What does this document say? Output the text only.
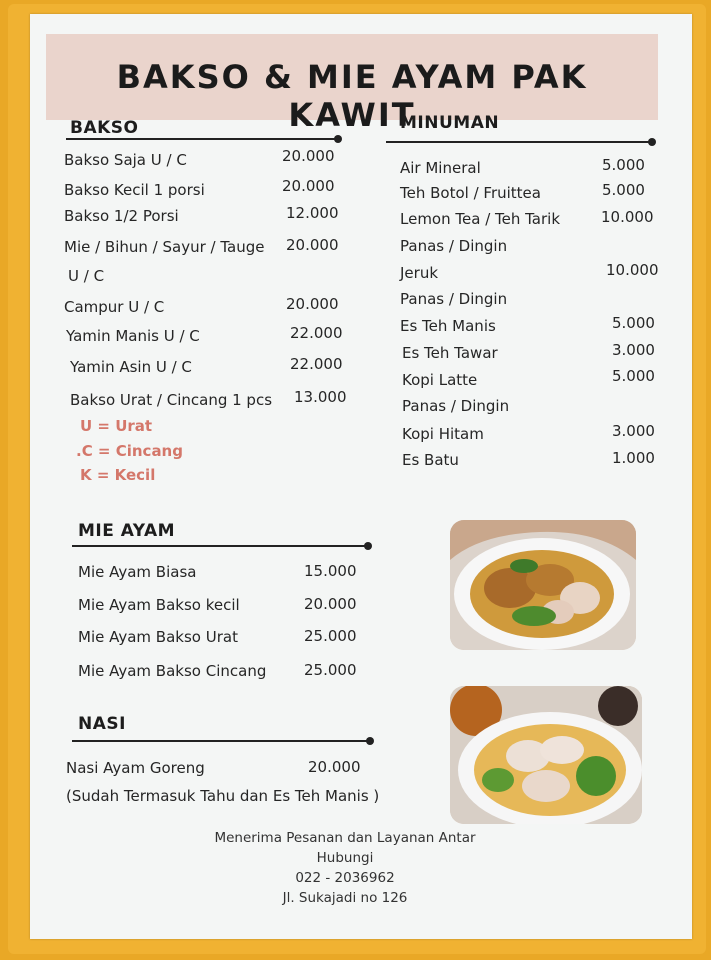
BAKSO & MIE AYAM PAK KAWIT
BAKSO
Bakso Saja U / C	20.000
Bakso Kecil 1 porsi	20.000
Bakso 1/2 Porsi	12.000
Mie / Bihun / Sayur / Tauge 20.000
U / C
Campur U / C	20.000
Yamin Manis U / C	22.000
Yamin Asin U / C	22.000
Bakso Urat / Cincang 1 pcs 13.000
U = Urat
.C = Cincang
K = Kecil
MINUMAN
Air Mineral	5.000
Teh Botol / Fruittea	5.000
Lemon Tea / Teh Tarik	10.000
Panas / Dingin
Jeruk	10.000
Panas / Dingin
Es Teh Manis	5.000
Es Teh Tawar	3.000
Kopi Latte	5.000
Panas / Dingin
Kopi Hitam	3.000
Es Batu	1.000
MIE AYAM
Mie Ayam Biasa	15.000
Mie Ayam Bakso kecil	20.000
Mie Ayam Bakso Urat	25.000
Mie Ayam Bakso Cincang	25.000
NASI
Nasi Ayam Goreng	20.000
(Sudah Termasuk Tahu dan Es Teh Manis )
Menerima Pesanan dan Layanan Antar
Hubungi
022 - 2036962
Jl. Sukajadi no 126
